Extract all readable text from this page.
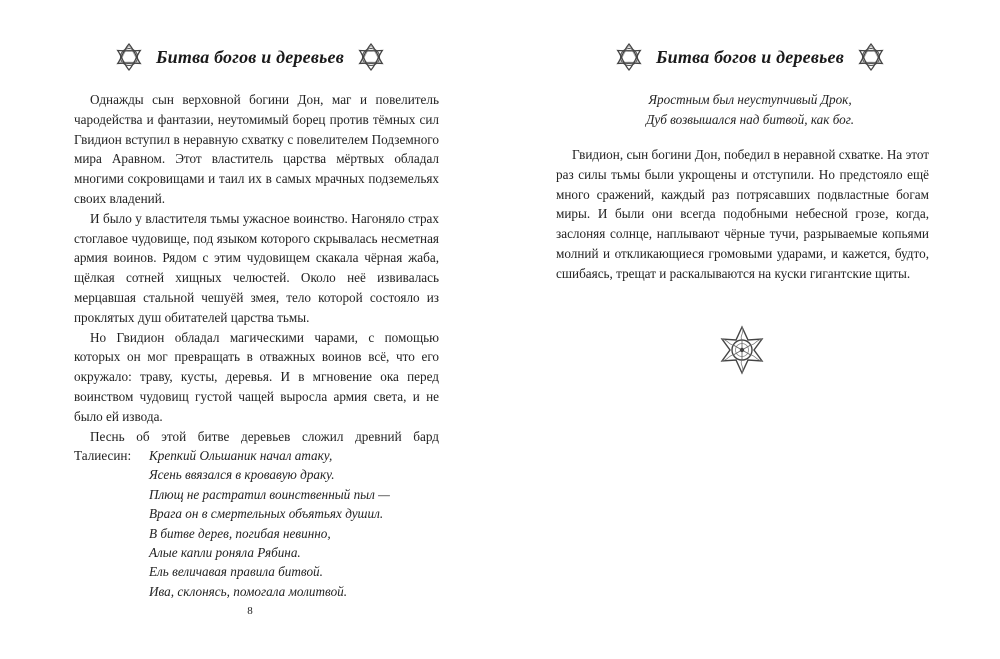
Битва богов и деревьев

Однажды сын верховной богини Дон, маг и повелитель чародейства и фантазии, неутомимый борец против тёмных сил Гвидион вступил в неравную схватку с повелителем Подземного мира Аравном. Этот властитель царства мёртвых обладал многими сокровищами и таил их в самых мрачных подземельях своих владений.

И было у властителя тьмы ужасное воинство. Нагоняло страх стоглавое чудовище, под языком которого скрывалась несметная армия воинов. Рядом с этим чудовищем скакала чёрная жаба, щёлкая сотней хищных челюстей. Около неё извивалась мерцавшая стальной чешуёй змея, тело которой состояло из проклятых душ обитателей царства тьмы.

Но Гвидион обладал магическими чарами, с помощью которых он мог превращать в отважных воинов всё, что его окружало: траву, кусты, деревья. И в мгновение ока перед воинством чудовищ густой чащей выросла армия света, и не было ей извода.

Песнь об этой битве деревьев сложил древний бард Талиесин:	Крепкий Ольшаник начал атаку,
Ясень ввязался в кровавую драку.
Плющ не растратил воинственный пыл —
Врага он в смертельных объятьях душил.
В битве дерев, погибая невинно,
Алые капли роняла Рябина.
Ель величавая правила битвой.
Ива, склонясь, помогала молитвой.
8
Битва богов и деревьев
Яростным был неуступчивый Дрок,
Дуб возвышался над битвой, как бог.

Гвидион, сын богини Дон, победил в неравной схватке. На этот раз силы тьмы были укрощены и отступили. Но предстояло ещё много сражений, каждый раз потрясавших подвластные богам миры. И были они всегда подобными небесной грозе, когда, заслоняя солнце, наплывают чёрные тучи, разрываемые копьями молний и откликающиеся громовыми ударами, и кажется, будто, сшибаясь, трещат и раскалываются на куски гигантские щиты.
